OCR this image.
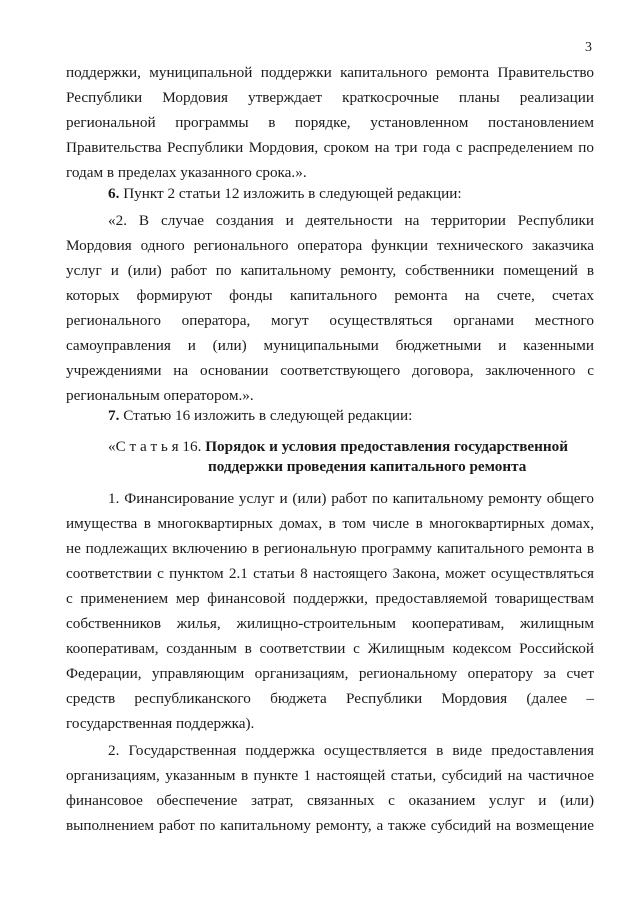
3
поддержки, муниципальной поддержки капитального ремонта Правительство
Республики Мордовия утверждает краткосрочные планы реализации
региональной программы в порядке, установленном постановлением
Правительства Республики Мордовия, сроком на три года с распределением по
годам в пределах указанного срока.».
6. Пункт 2 статьи 12 изложить в следующей редакции:
«2. В случае создания и деятельности на территории Республики
Мордовия одного регионального оператора функции технического заказчика
услуг и (или) работ по капитальному ремонту, собственники помещений в
которых формируют фонды капитального ремонта на счете, счетах
регионального оператора, могут осуществляться органами местного
самоуправления и (или) муниципальными бюджетными и казенными
учреждениями на основании соответствующего договора, заключенного с
региональным оператором.».
7. Статью 16 изложить в следующей редакции:
«С т а т ь я 16. Порядок и условия предоставления государственной
поддержки проведения капитального ремонта
1. Финансирование услуг и (или) работ по капитальному ремонту общего
имущества в многоквартирных домах, в том числе в многоквартирных домах,
не подлежащих включению в региональную программу капитального ремонта в
соответствии с пунктом 2.1 статьи 8 настоящего Закона, может осуществляться
с применением мер финансовой поддержки, предоставляемой товариществам
собственников жилья, жилищно-строительным кооперативам, жилищным
кооперативам, созданным в соответствии с Жилищным кодексом Российской
Федерации, управляющим организациям, региональному оператору за счет
средств республиканского бюджета Республики Мордовия (далее –
государственная поддержка).
2. Государственная поддержка осуществляется в виде предоставления
организациям, указанным в пункте 1 настоящей статьи, субсидий на частичное
финансовое обеспечение затрат, связанных с оказанием услуг и (или)
выполнением работ по капитальному ремонту, а также субсидий на возмещение
